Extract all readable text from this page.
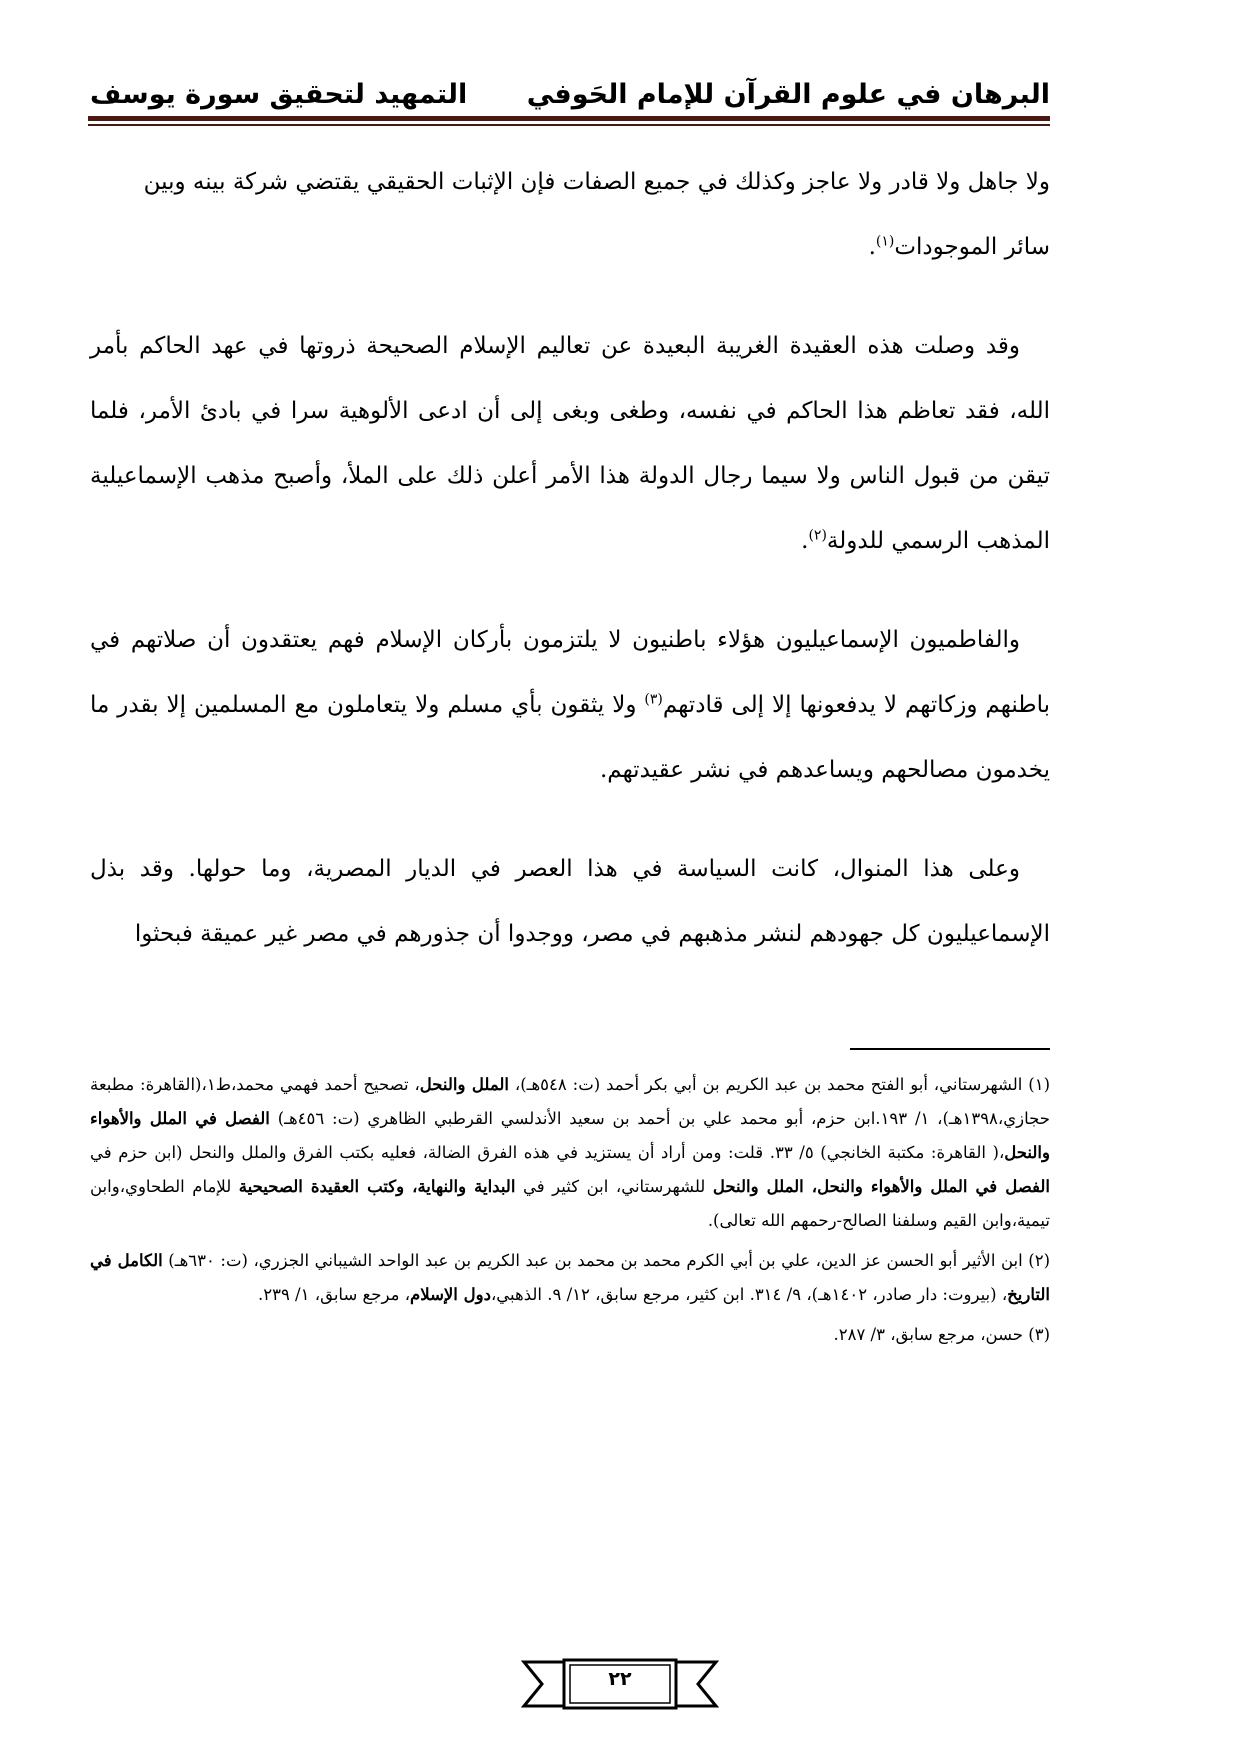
البرهان في علوم القرآن للإمام الحَوفي
التمهيد لتحقيق سورة يوسف

ولا جاهل ولا قادر ولا عاجز وكذلك في جميع الصفات فإن الإثبات الحقيقي يقتضي شركة بينه وبين
سائر الموجودات$^{(١)}$.

وقد وصلت هذه العقيدة الغريبة البعيدة عن تعاليم الإسلام الصحيحة ذروتها في عهد الحاكم بأمر الله، فقد تعاظم هذا الحاكم في نفسه، وطغى وبغى إلى أن ادعى الألوهية سرا في بادئ الأمر، فلما تيقن من قبول الناس ولا سيما رجال الدولة هذا الأمر أعلن ذلك على الملأ، وأصبح مذهب الإسماعيلية المذهب الرسمي للدولة$^{(٢)}$.

والفاطميون الإسماعيليون هؤلاء باطنيون لا يلتزمون بأركان الإسلام فهم يعتقدون أن صلاتهم في باطنهم وزكاتهم لا يدفعونها إلا إلى قادتهم$^{(٣)}$ ولا يثقون بأي مسلم ولا يتعاملون مع المسلمين إلا بقدر ما يخدمون مصالحهم ويساعدهم في نشر عقيدتهم.

وعلى هذا المنوال، كانت السياسة في هذا العصر في الديار المصرية، وما حولها. وقد بذل الإسماعيليون كل جهودهم لنشر مذهبهم في مصر، ووجدوا أن جذورهم في مصر غير عميقة فبحثوا

(١) الشهرستاني، أبو الفتح محمد بن عبد الكريم بن أبي بكر أحمد (ت: ٥٤٨هـ)، الملل والنحل، تصحيح أحمد فهمي محمد،ط١،(القاهرة: مطبعة حجازي،١٣٩٨هـ)، ١/ ١٩٣.ابن حزم، أبو محمد علي بن أحمد بن سعيد الأندلسي القرطبي الظاهري (ت: ٤٥٦هـ) الفصل في الملل والأهواء والنحل،( القاهرة: مكتبة الخانجي) ٥/ ٣٣. قلت: ومن أراد أن يستزيد في هذه الفرق الضالة، فعليه بكتب الفرق والملل والنحل (ابن حزم في الفصل في الملل والأهواء والنحل، الملل والنحل للشهرستاني، ابن كثير في البداية والنهاية، وكتب العقيدة الصحيحية للإمام الطحاوي،وابن تيمية،وابن القيم وسلفنا الصالح-رحمهم الله تعالى).

(٢) ابن الأثير أبو الحسن عز الدين، علي بن أبي الكرم محمد بن محمد بن عبد الكريم بن عبد الواحد الشيباني الجزري، (ت: ٦٣٠هـ) الكامل في التاريخ، (بيروت: دار صادر، ١٤٠٢هـ)، ٩/ ٣١٤. ابن كثير، مرجع سابق، ١٢/ ٩. الذهبي،دول الإسلام، مرجع سابق، ١/ ٢٣٩.

(٣) حسن، مرجع سابق، ٣/ ٢٨٧.

٢٢
